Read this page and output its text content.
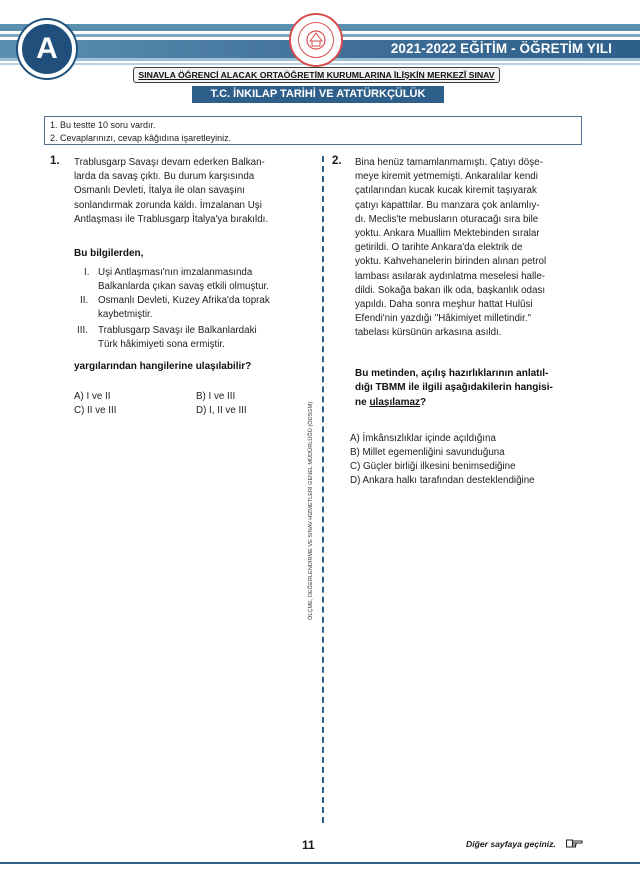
A	2021-2022 EĞİTİM - ÖĞRETİM YILI
SINAVLA ÖĞRENCİ ALACAK ORTAÖĞRETİM KURUMLARINA İLİŞKİN MERKEZÎ SINAV
T.C. İNKILAP TARİHİ VE ATATÜRKÇÜLÜK
1. Bu testte 10 soru vardır.
2. Cevaplarınızı, cevap kâğıdına işaretleyiniz.
ÖLÇME, DEĞERLENDİRME VE SINAV HİZMETLERİ GENEL MÜDÜRLÜĞÜ (ÖDSGM)
1. Trablusgarp Savaşı devam ederken Balkan-
larda da savaş çıktı. Bu durum karşısında
Osmanlı Devleti, İtalya ile olan savaşını
sonlandırmak zorunda kaldı. İmzalanan Uşi
Antlaşması ile Trablusgarp İtalya'ya bırakıldı.
Bu bilgilerden,
I. Uşi Antlaşması'nın imzalanmasında
Balkanlarda çıkan savaş etkili olmuştur.
II. Osmanlı Devleti, Kuzey Afrika'da toprak
kaybetmiştir.
III. Trablusgarp Savaşı ile Balkanlardaki
Türk hâkimiyeti sona ermiştir.
yargılarından hangilerine ulaşılabilir?
A) I ve II	B) I ve III
C) II ve III	D) I, II ve III
2. Bina henüz tamamlanmamıştı. Çatıyı döşe-
meye kiremit yetmemişti. Ankaralılar kendi
çatılarından kucak kucak kiremit taşıyarak
çatıyı kapattılar. Bu manzara çok anlamlıy-
dı. Meclis'te mebusların oturacağı sıra bile
yoktu. Ankara Muallim Mektebinden sıralar
getirildi. O tarihte Ankara'da elektrik de
yoktu. Kahvehanelerin birinden alınan petrol
lambası asılarak aydınlatma meselesi halle-
dildi. Sokağa bakan ilk oda, başkanlık odası
yapıldı. Daha sonra meşhur hattat Hulûsi
Efendi'nin yazdığı "Hâkimiyet milletindir."
tabelası kürsünün arkasına asıldı.
Bu metinden, açılış hazırlıklarının anlatıl-
dığı TBMM ile ilgili aşağıdakilerin hangisi-
ne ulaşılamaz?
A) İmkânsızlıklar içinde açıldığına
B) Millet egemenliğini savunduğuna
C) Güçler birliği ilkesini benimsediğine
D) Ankara halkı tarafından desteklendiğine
11	Diğer sayfaya geçiniz.
